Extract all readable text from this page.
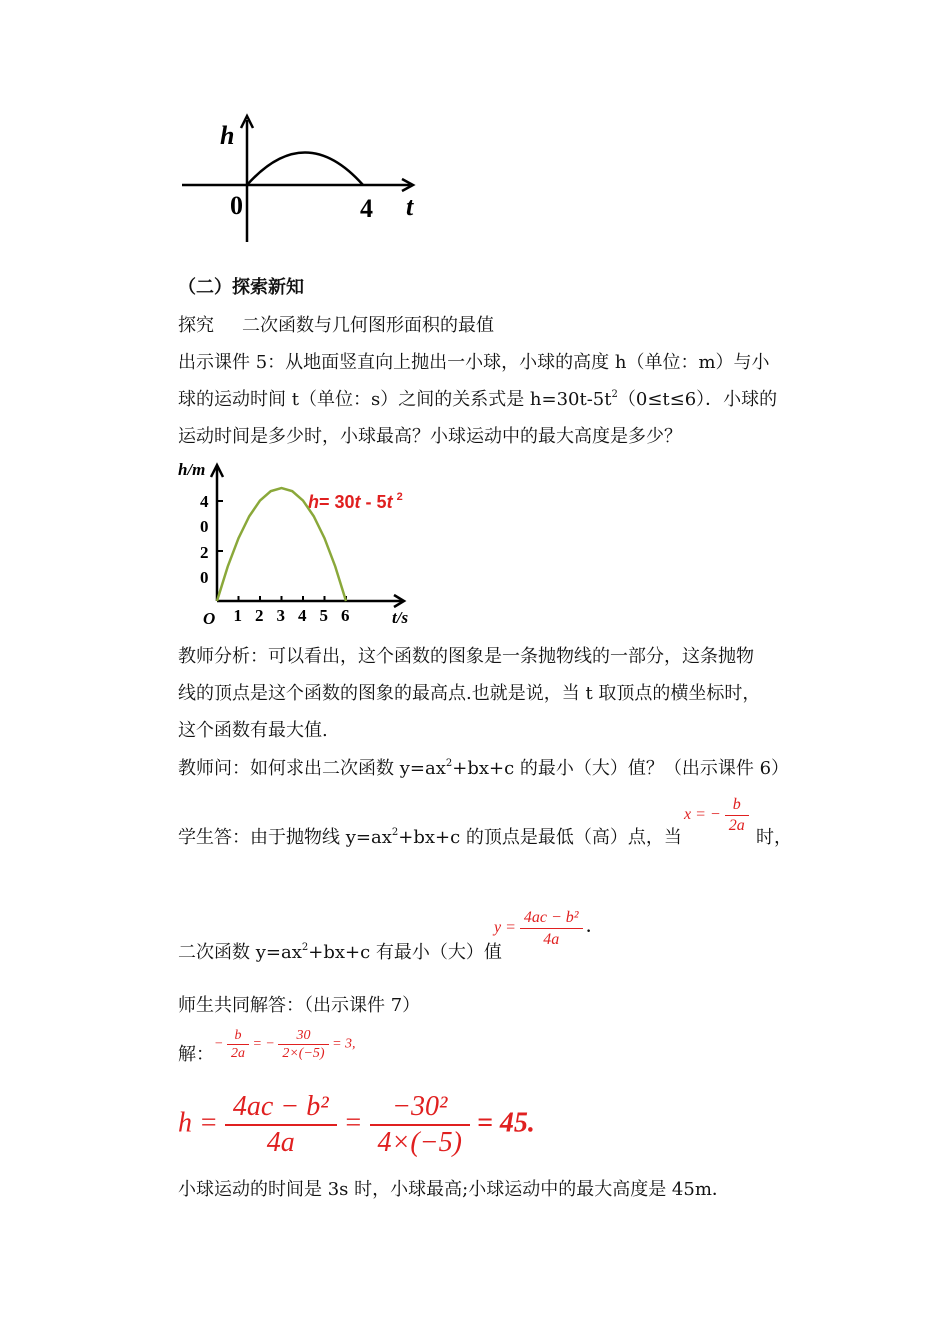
h
0	4 t
（二）探索新知
探究 二次函数与几何图形面积的最值
出示课件 5：从地面竖直向上抛出一小球，小球的高度 h（单位：m）与小
球的运动时间 t（单位：s）之间的关系式是 $h=30t-5t^2(0\le t\le 6)$．小球的
运动时间是多少时，小球最高？小球运动中的最大高度是多少？
h/m
t/s
O
h= 30t - 5t $^2$
1 2 3 4 5 6
4
0
2
0
教师分析：可以看出，这个函数的图象是一条抛物线的一部分，这条抛物
线的顶点是这个函数的图象的最高点.也就是说，当 t 取顶点的横坐标时，
这个函数有最大值.
教师问：如何求出二次函数 $y=ax^2+bx+c$ 的最小（大）值？（出示课件 6）
学生答：由于抛物线 $y=ax^2+bx+c$ 的顶点是最低（高）点，当
x = − $\frac{b}{2a}$
时，
二次函数 $y=ax^2+bx+c$ 有最小（大）值
$y = \frac{\text{4ac − b²}}{4a}$ .
师生共同解答：（出示课件 7）
解： − $\frac{b}{2a}$ = − $\frac{30}{2\times(-5)} = 3$,
$h = \frac{\text{4ac − b²}}{4a} = \frac{\text{−30²}}{4\times(-5)} = 45$.
小球运动的时间是 3s 时，小球最高;小球运动中的最大高度是 45m．
